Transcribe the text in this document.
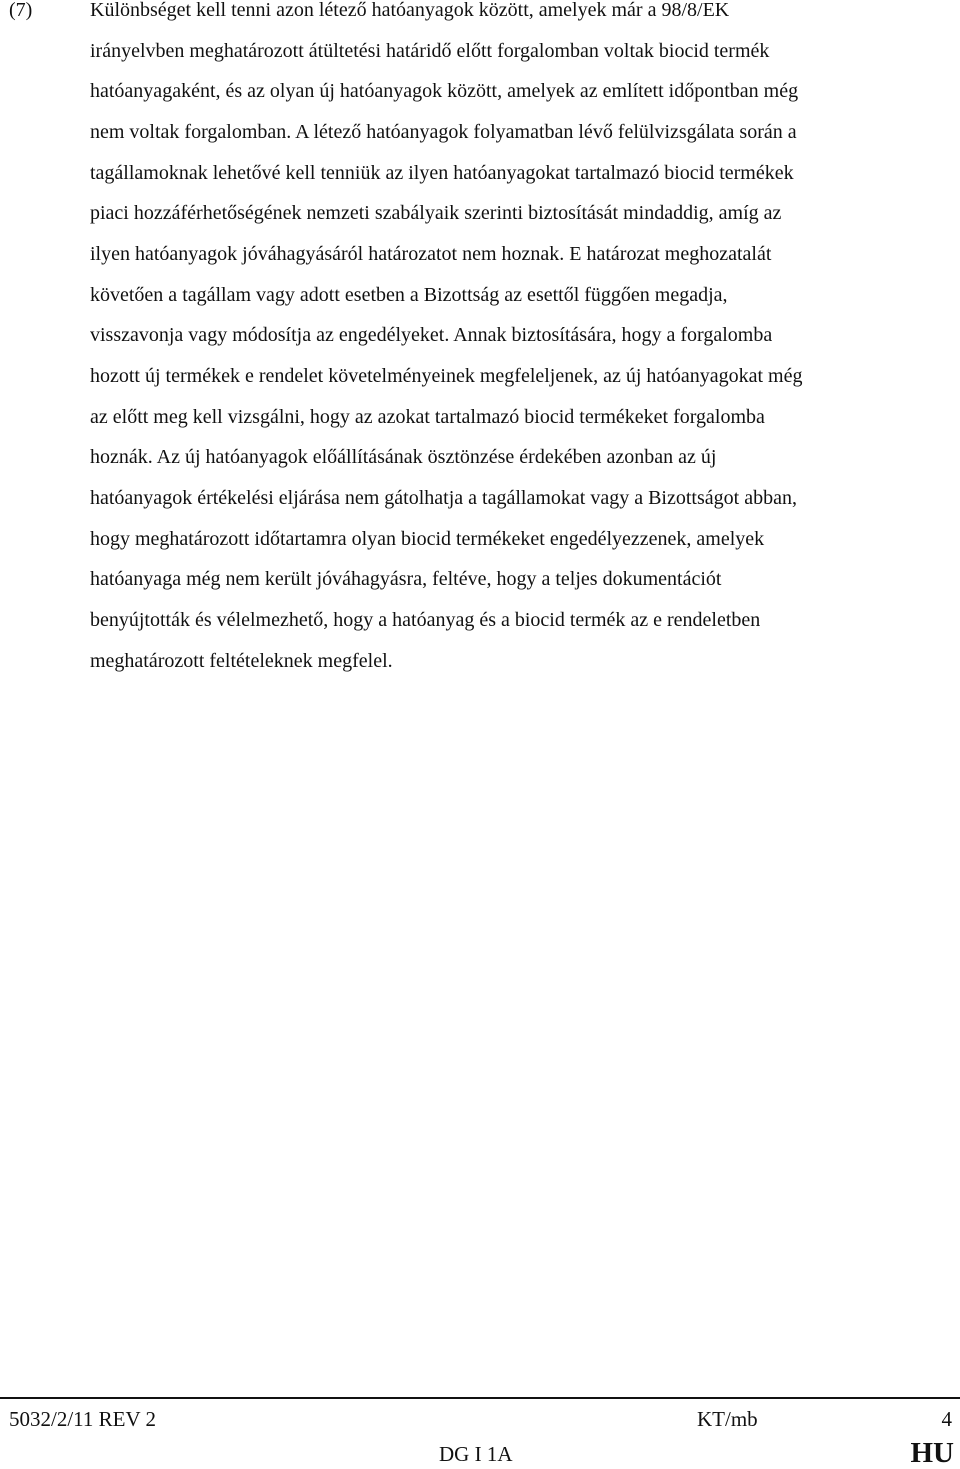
(7)	Különbséget kell tenni azon létező hatóanyagok között, amelyek már a 98/8/EK
irányelvben meghatározott átültetési határidő előtt forgalomban voltak biocid termék
hatóanyagaként, és az olyan új hatóanyagok között, amelyek az említett időpontban még
nem voltak forgalomban. A létező hatóanyagok folyamatban lévő felülvizsgálata során a
tagállamoknak lehetővé kell tenniük az ilyen hatóanyagokat tartalmazó biocid termékek
piaci hozzáférhetőségének nemzeti szabályaik szerinti biztosítását mindaddig, amíg az
ilyen hatóanyagok jóváhagyásáról határozatot nem hoznak. E határozat meghozatalát
követően a tagállam vagy adott esetben a Bizottság az esettől függően megadja,
visszavonja vagy módosítja az engedélyeket. Annak biztosítására, hogy a forgalomba
hozott új termékek e rendelet követelményeinek megfeleljenek, az új hatóanyagokat még
az előtt meg kell vizsgálni, hogy az azokat tartalmazó biocid termékeket forgalomba
hoznák. Az új hatóanyagok előállításának ösztönzése érdekében azonban az új
hatóanyagok értékelési eljárása nem gátolhatja a tagállamokat vagy a Bizottságot abban,
hogy meghatározott időtartamra olyan biocid termékeket engedélyezzenek, amelyek
hatóanyaga még nem került jóváhagyásra, feltéve, hogy a teljes dokumentációt
benyújtották és vélelmezhető, hogy a hatóanyag és a biocid termék az e rendeletben
meghatározott feltételeknek megfelel.
5032/2/11 REV 2	KT/mb	4
DG I 1A	HU
